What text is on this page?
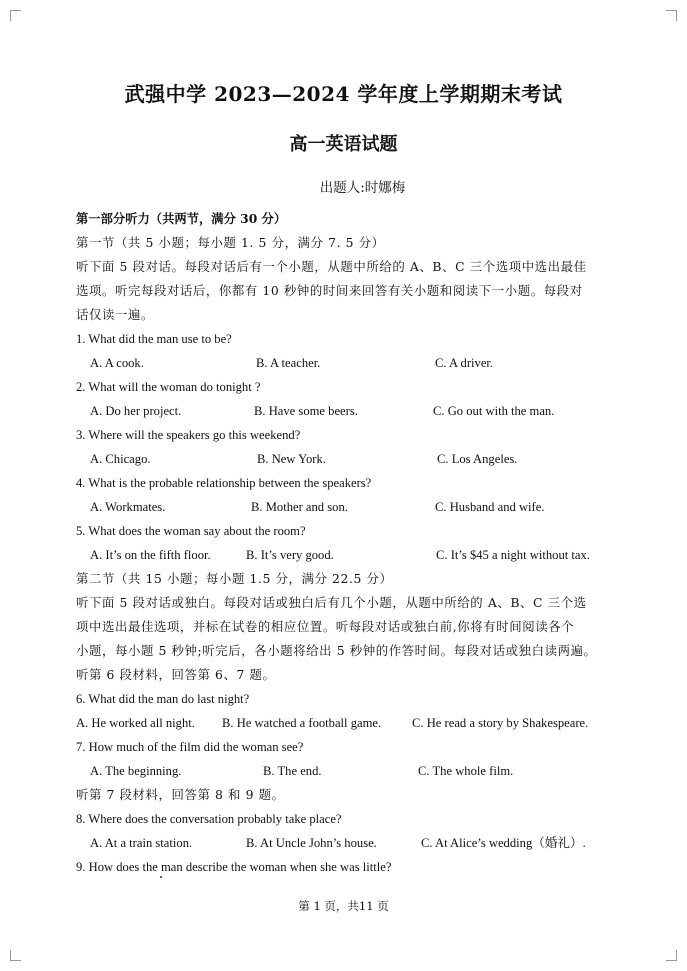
武强中学 2023—2024 学年度上学期期末考试
高一英语试题
出题人:时娜梅
第一部分听力（共两节，满分 30 分）
第一节（共 5 小题；每小题 1. 5 分，满分 7. 5 分）
听下面 5 段对话。每段对话后有一个小题，从题中所给的 A、B、C 三个选项中选出最佳
选项。听完每段对话后，你都有 10 秒钟的时间来回答有关小题和阅读下一小题。每段对
话仅读一遍。
1. What did the man use to be?
A. A cook.	B. A teacher.	C. A driver.
2. What will the woman do tonight ?
A. Do her project.	B. Have some beers.	C. Go out with the man.
3. Where will the speakers go this weekend?
A. Chicago.	B. New York.	C. Los Angeles.
4. What is the probable relationship between the speakers?
A. Workmates.	B. Mother and son.	C. Husband and wife.
5. What does the woman say about the room?
A. It’s on the fifth floor.	B. It’s very good.	C. It’s $45 a night without tax.
第二节（共 15 小题；每小题 1.5 分，满分 22.5 分）
听下面 5 段对话或独白。每段对话或独白后有几个小题，从题中所给的 A、B、C 三个选
项中选出最佳选项，并标在试卷的相应位置。听每段对话或独白前,你将有时间阅读各个
小题，每小题 5 秒钟;听完后，各小题将给出 5 秒钟的作答时间。每段对话或独白读两遍。
听第 6 段材料，回答第 6、7 题。
6. What did the man do last night?
A. He worked all night. B. He watched a football game. C. He read a story by Shakespeare.
7. How much of the film did the woman see?
A. The beginning.	B. The end.	C. The whole film.
听第 7 段材料，回答第 8 和 9 题。
8. Where does the conversation probably take place?
A. At a train station.	B. At Uncle John’s house.	C. At Alice’s wedding（婚礼）.
9. How does the man describe the woman when she was little?
第 1 页，共11 页
